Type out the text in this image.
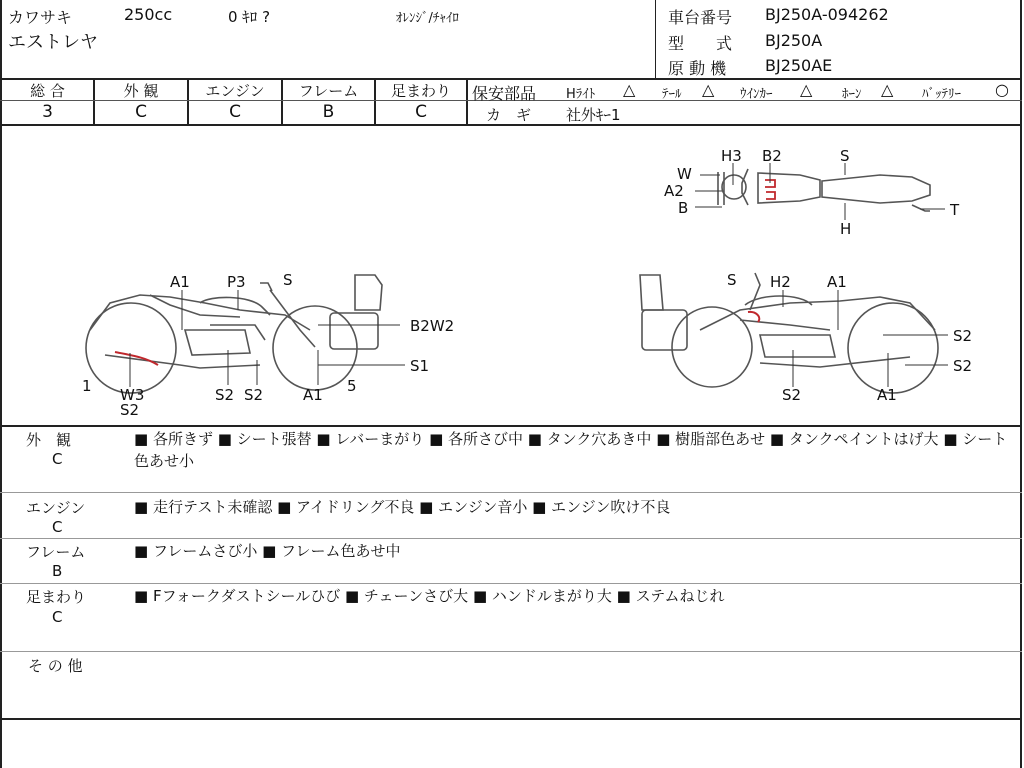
カワサキ	250cc	0 ｷﾛ ?	ｵﾚﾝｼﾞ/ﾁｬｲﾛ
エストレヤ
車台番号 BJ250A-094262
型　　式 BJ250A
原 動 機 BJ250AE
総 合
3
外 観
C
エンジン
C
フレーム
B
足まわり
C
保安部品 Hﾗｲﾄ △ ﾃｰﾙ △ ｳｲﾝｶｰ △ ﾎｰﾝ △ ﾊﾞｯﾃﾘｰ ○
カ　ギ 社外ｷｰ1
W
H3 B2	S
A2
B
H
T
A1 P3 S
B2W2
S1
1 W3
S2
S2 S2	A1 5
S H2 A1
S2
S2
S2	A1
外　観
C
■ 各所きず ■ シート張替 ■ レバーまがり ■ 各所さび中 ■ タンク穴あき中 ■ 樹脂部色あせ ■ タンクペイントはげ大 ■ シート色あせ小
エンジン
C
■ 走行テスト未確認 ■ アイドリング不良 ■ エンジン音小 ■ エンジン吹け不良
フレーム
B
■ フレームさび小 ■ フレーム色あせ中
足まわり
C
■ Fフォークダストシールひび ■ チェーンさび大 ■ ハンドルまがり大 ■ ステムねじれ
そ の 他
